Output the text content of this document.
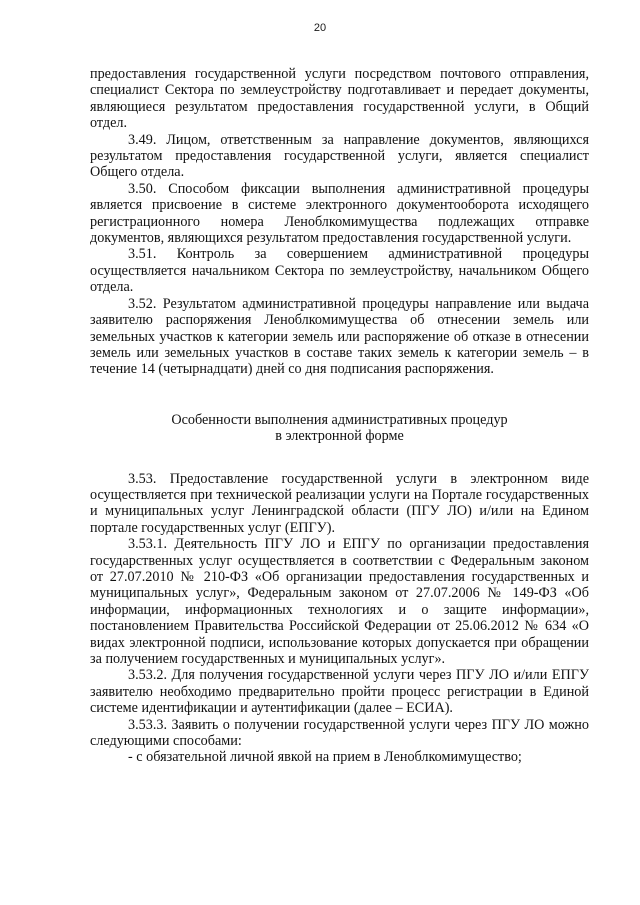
20

предоставления государственной услуги посредством почтового отправления, специалист Сектора по землеустройству подготавливает и передает документы, являющиеся результатом предоставления государственной услуги, в Общий отдел.

3.49. Лицом, ответственным за направление документов, являющихся результатом предоставления государственной услуги, является специалист Общего отдела.

3.50. Способом фиксации выполнения административной процедуры является присвоение в системе электронного документооборота исходящего регистрационного номера Леноблкомимущества подлежащих отправке документов, являющихся результатом предоставления государственной услуги.

3.51. Контроль за совершением административной процедуры осуществляется начальником Сектора по землеустройству, начальником Общего отдела.

3.52. Результатом административной процедуры направление или выдача заявителю распоряжения Леноблкомимущества об отнесении земель или земельных участков к категории земель или распоряжение об отказе в отнесении земель или земельных участков в составе таких земель к категории земель – в течение 14 (четырнадцати) дней со дня подписания распоряжения.

Особенности выполнения административных процедур
в электронной форме

3.53. Предоставление государственной услуги в электронном виде осуществляется при технической реализации услуги на Портале государственных и муниципальных услуг Ленинградской области (ПГУ ЛО) и/или на Едином портале государственных услуг (ЕПГУ).

3.53.1. Деятельность ПГУ ЛО и ЕПГУ по организации предоставления государственных услуг осуществляется в соответствии с Федеральным законом от 27.07.2010 № 210-ФЗ «Об организации предоставления государственных и муниципальных услуг», Федеральным законом от 27.07.2006 № 149-ФЗ «Об информации, информационных технологиях и о защите информации», постановлением Правительства Российской Федерации от 25.06.2012 № 634 «О видах электронной подписи, использование которых допускается при обращении за получением государственных и муниципальных услуг».

3.53.2. Для получения государственной услуги через ПГУ ЛО и/или ЕПГУ заявителю необходимо предварительно пройти процесс регистрации в Единой системе идентификации и аутентификации (далее – ЕСИА).

3.53.3. Заявить о получении государственной услуги через ПГУ ЛО можно следующими способами:

- с обязательной личной явкой на прием в Леноблкомимущество;
